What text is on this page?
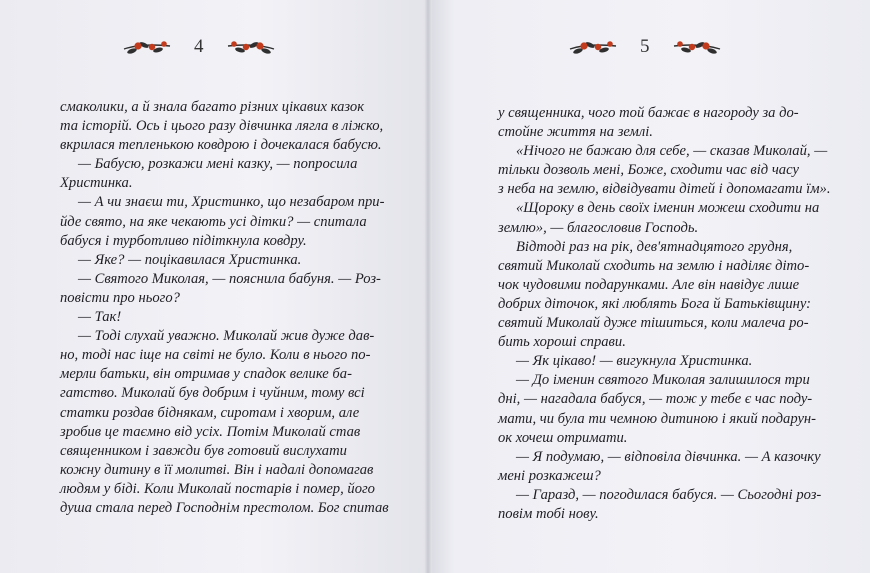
4
смаколики, а й знала багато різних цікавих казок
та історій. Ось і цього разу дівчинка лягла в ліжко,
вкрилася тепленькою ковдрою і дочекалася бабусю.
— Бабусю, розкажи мені казку, — попросила
Христинка.
— А чи знаєш ти, Христинко, що незабаром при-
йде свято, на яке чекають усі дітки? — спитала
бабуся і турботливо підіткнула ковдру.
— Яке? — поцікавилася Христинка.
— Святого Миколая, — пояснила бабуня. — Роз-
повісти про нього?
— Так!
— Тоді слухай уважно. Миколай жив дуже дав-
но, тоді нас іще на світі не було. Коли в нього по-
мерли батьки, він отримав у спадок велике ба-
гатство. Миколай був добрим і чуйним, тому всі
статки роздав біднякам, сиротам і хворим, але
зробив це таємно від усіх. Потім Миколай став
священником і завжди був готовий вислухати
кожну дитину в її молитві. Він і надалі допомагав
людям у біді. Коли Миколай постарів і помер, його
душа стала перед Господнім престолом. Бог спитав
5
у священника, чого той бажає в нагороду за до-
стойне життя на землі.
«Нічого не бажаю для себе, — сказав Миколай, —
тільки дозволь мені, Боже, сходити час від часу
з неба на землю, відвідувати дітей і допомагати їм».
«Щороку в день своїх іменин можеш сходити на
землю», — благословив Господь.
Відтоді раз на рік, дев'ятнадцятого грудня,
святий Миколай сходить на землю і наділяє діто-
чок чудовими подарунками. Але він навідує лише
добрих діточок, які люблять Бога й Батьківщину:
святий Миколай дуже тішиться, коли малеча ро-
бить хороші справи.
— Як цікаво! — вигукнула Христинка.
— До іменин святого Миколая залишилося три
дні, — нагадала бабуся, — тож у тебе є час поду-
мати, чи була ти чемною дитиною і який подарун-
ок хочеш отримати.
— Я подумаю, — відповіла дівчинка. — А казочку
мені розкажеш?
— Гаразд, — погодилася бабуся. — Сьогодні роз-
повім тобі нову.
